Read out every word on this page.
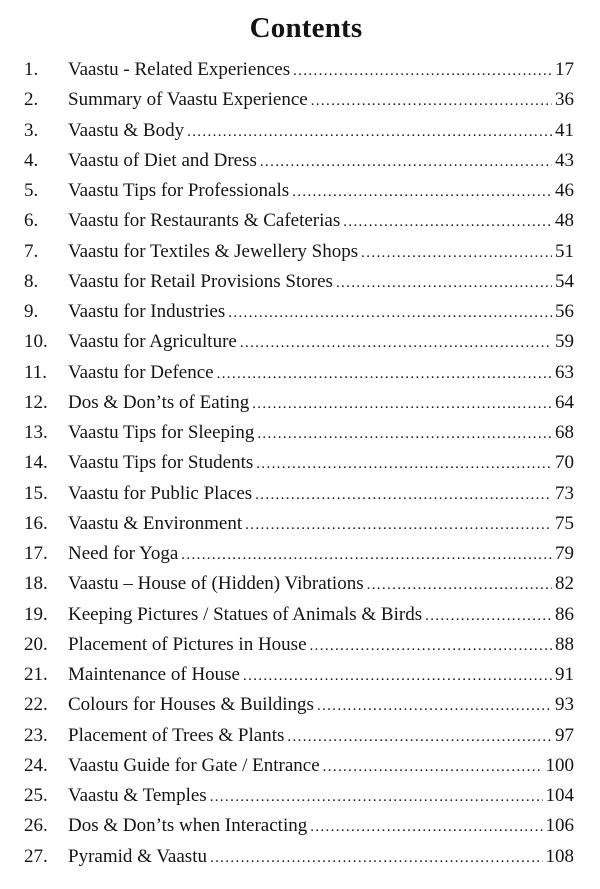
Contents
1.	Vaastu - Related Experiences . . .	17
2.	Summary of Vaastu Experience . . .	36
3.	Vaastu & Body . . .	41
4.	Vaastu of Diet and Dress . . .	43
5.	Vaastu Tips for Professionals . . .	46
6.	Vaastu for Restaurants & Cafeterias . . .	48
7.	Vaastu for Textiles & Jewellery Shops . . .	51
8.	Vaastu for Retail Provisions Stores . . .	54
9.	Vaastu for Industries . . .	56
10.	Vaastu for Agriculture . . .	59
11.	Vaastu for Defence . . .	63
12.	Dos & Don’ts of Eating . . .	64
13.	Vaastu Tips for Sleeping . . .	68
14.	Vaastu Tips for Students . . .	70
15.	Vaastu for Public Places . . .	73
16.	Vaastu & Environment . . .	75
17.	Need for Yoga . . .	79
18.	Vaastu – House of (Hidden) Vibrations . . .	82
19.	Keeping Pictures / Statues of Animals & Birds . . .	86
20.	Placement of Pictures in House . . .	88
21.	Maintenance of House . . .	91
22.	Colours for Houses & Buildings . . .	93
23.	Placement of Trees & Plants . . .	97
24.	Vaastu Guide for Gate / Entrance . . .	100
25.	Vaastu & Temples . . .	104
26.	Dos & Don’ts when Interacting . . .	106
27.	Pyramid & Vaastu . . .	108
